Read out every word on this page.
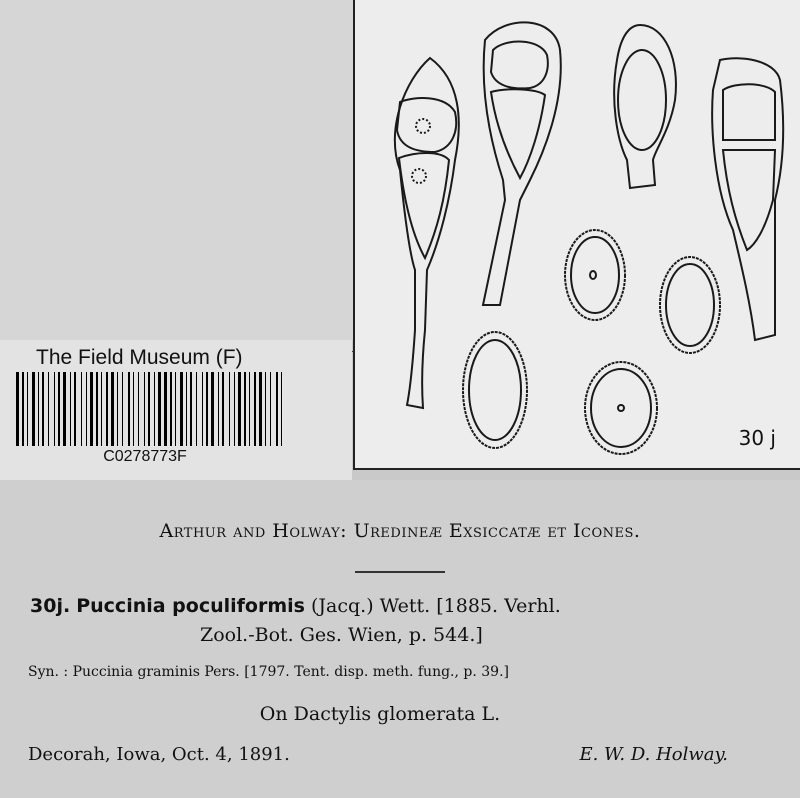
30 j
The Field Museum (F)
C0278773F
Arthur and Holway: Uredineæ Exsiccatæ et Icones.
30j. Puccinia poculiformis (Jacq.) Wett. [1885. Verhl.
Zool.-Bot. Ges. Wien, p. 544.]
Syn. : Puccinia graminis Pers. [1797. Tent. disp. meth. fung., p. 39.]
On Dactylis glomerata L.
Decorah, Iowa, Oct. 4, 1891.	E. W. D. Holway.
